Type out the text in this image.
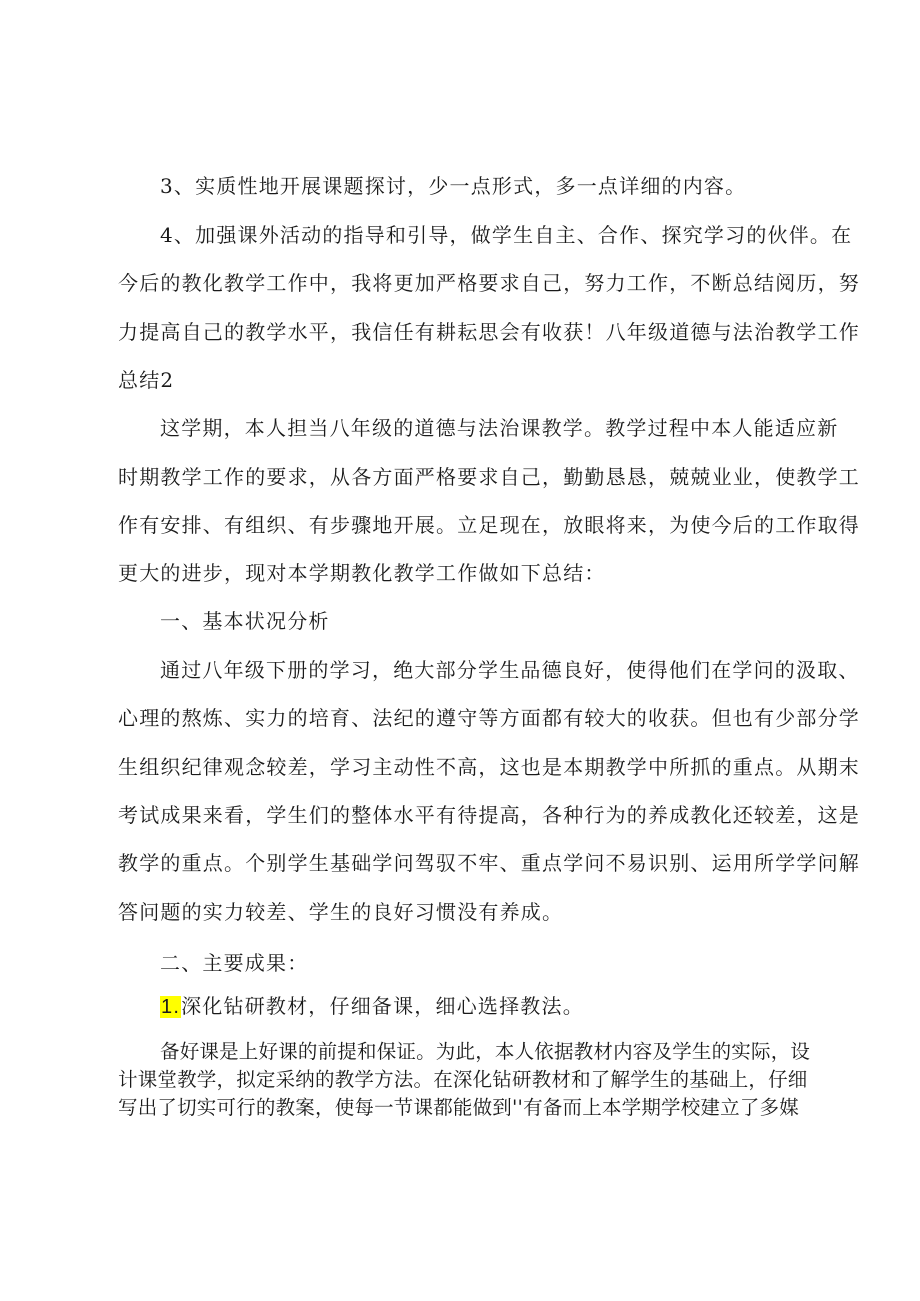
3、实质性地开展课题探讨，少一点形式，多一点详细的内容。
4、加强课外活动的指导和引导，做学生自主、合作、探究学习的伙伴。在
今后的教化教学工作中，我将更加严格要求自己，努力工作，不断总结阅历，努
力提高自己的教学水平，我信任有耕耘思会有收获！八年级道德与法治教学工作
总结2
这学期，本人担当八年级的道德与法治课教学。教学过程中本人能适应新
时期教学工作的要求，从各方面严格要求自己，勤勤恳恳，兢兢业业，使教学工
作有安排、有组织、有步骤地开展。立足现在，放眼将来，为使今后的工作取得
更大的进步，现对本学期教化教学工作做如下总结：
一、基本状况分析
通过八年级下册的学习，绝大部分学生品德良好，使得他们在学问的汲取、
心理的熬炼、实力的培育、法纪的遵守等方面都有较大的收获。但也有少部分学
生组织纪律观念较差，学习主动性不高，这也是本期教学中所抓的重点。从期末
考试成果来看，学生们的整体水平有待提高，各种行为的养成教化还较差，这是
教学的重点。个别学生基础学问驾驭不牢、重点学问不易识别、运用所学学问解
答问题的实力较差、学生的良好习惯没有养成。
二、主要成果：
1.深化钻研教材，仔细备课，细心选择教法。
备好课是上好课的前提和保证。为此，本人依据教材内容及学生的实际，设
计课堂教学，拟定采纳的教学方法。在深化钻研教材和了解学生的基础上，仔细
写出了切实可行的教案，使每一节课都能做到''有备而上本学期学校建立了多媒
